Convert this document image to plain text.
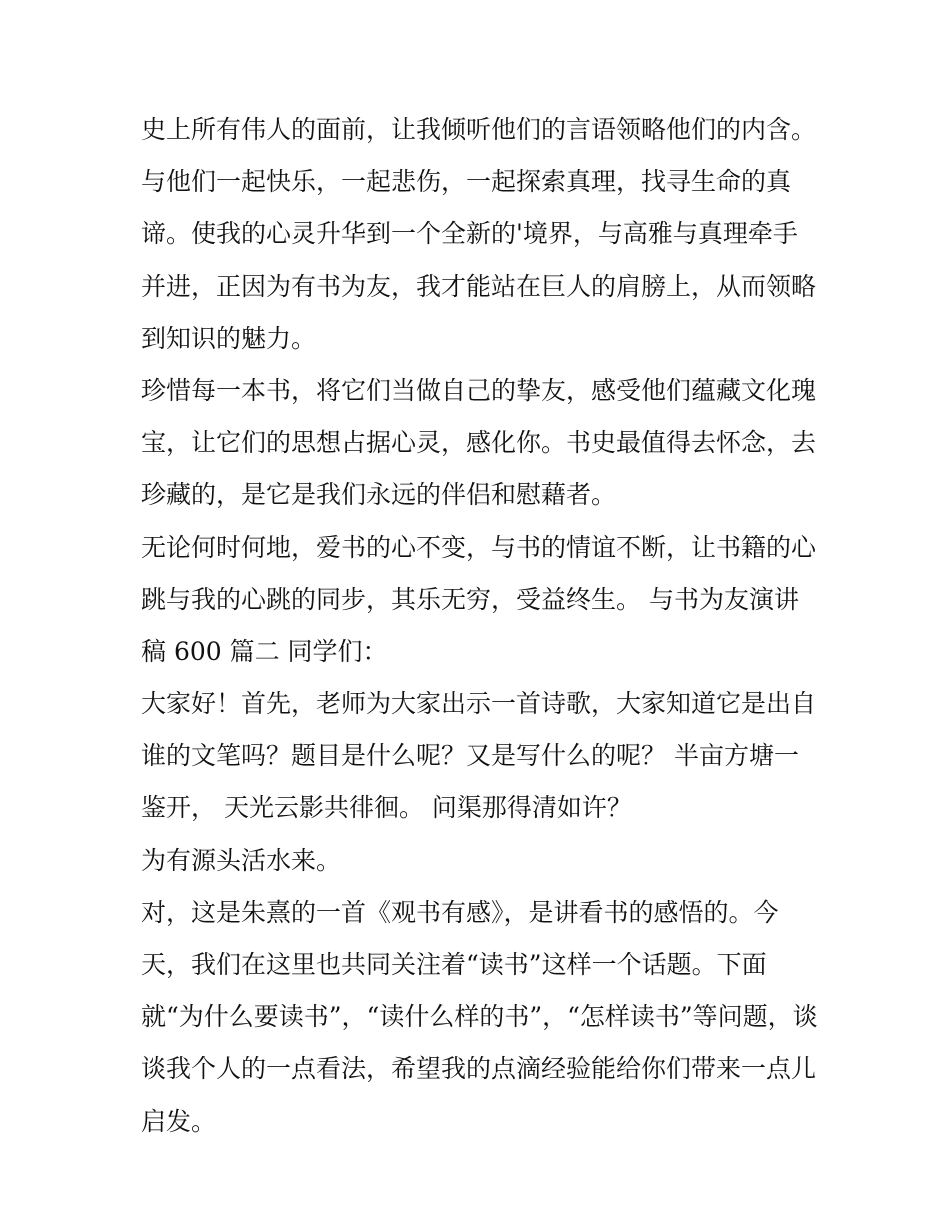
史上所有伟人的面前，让我倾听他们的言语领略他们的内含。
与他们一起快乐，一起悲伤，一起探索真理，找寻生命的真
谛。使我的心灵升华到一个全新的'境界，与高雅与真理牵手
并进，正因为有书为友，我才能站在巨人的肩膀上，从而领略
到知识的魅力。
珍惜每一本书，将它们当做自己的挚友，感受他们蕴藏文化瑰
宝，让它们的思想占据心灵，感化你。书史最值得去怀念，去
珍藏的，是它是我们永远的伴侣和慰藉者。
无论何时何地，爱书的心不变，与书的情谊不断，让书籍的心
跳与我的心跳的同步，其乐无穷，受益终生。 与书为友演讲
稿 600 篇二 同学们：
大家好！首先，老师为大家出示一首诗歌，大家知道它是出自
谁的文笔吗？题目是什么呢？又是写什么的呢？ 半亩方塘一
鉴开， 天光云影共徘徊。 问渠那得清如许？
为有源头活水来。
对，这是朱熹的一首《观书有感》，是讲看书的感悟的。今
天，我们在这里也共同关注着“读书”这样一个话题。下面
就“为什么要读书”，“读什么样的书”，“怎样读书”等问题，谈
谈我个人的一点看法，希望我的点滴经验能给你们带来一点儿
启发。
